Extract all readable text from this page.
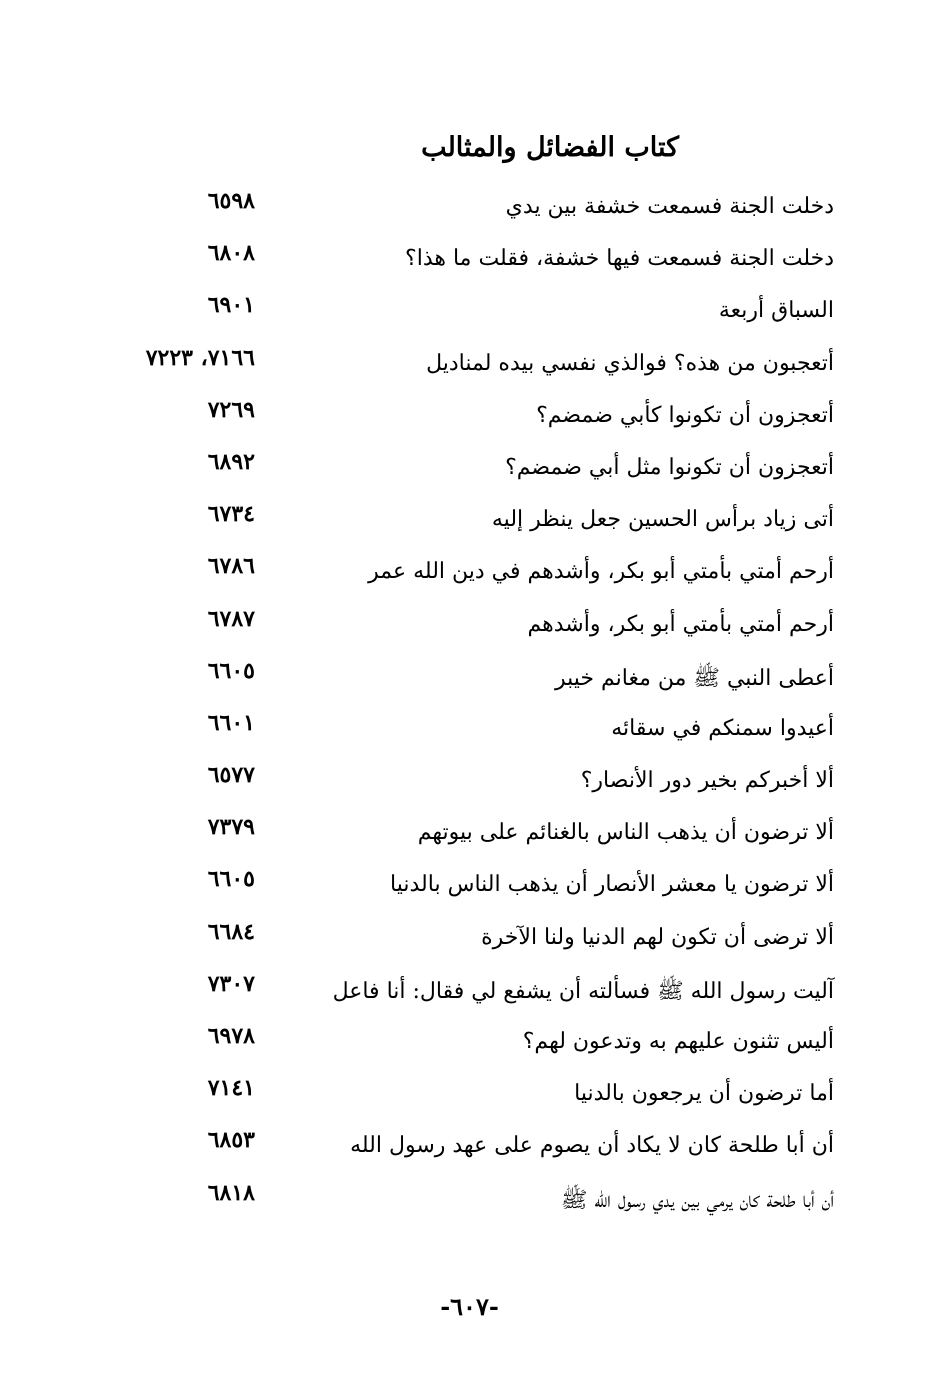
كتاب الفضائل والمثالب
دخلت الجنة فسمعت خشفة بين يدي
٦٥٩٨
دخلت الجنة فسمعت فيها خشفة، فقلت ما هذا؟
٦٨٠٨
السباق أربعة
٦٩٠١
أتعجبون من هذه؟ فوالذي نفسي بيده لمناديل
٧١٦٦، ٧٢٢٣
أتعجزون أن تكونوا كأبي ضمضم؟
٧٢٦٩
أتعجزون أن تكونوا مثل أبي ضمضم؟
٦٨٩٢
أتى زياد برأس الحسين جعل ينظر إليه
٦٧٣٤
أرحم أمتي بأمتي أبو بكر، وأشدهم في دين الله عمر
٦٧٨٦
أرحم أمتي بأمتي أبو بكر، وأشدهم
٦٧٨٧
أعطى النبي ﷺ من مغانم خيبر
٦٦٠٥
أعيدوا سمنكم في سقائه
٦٦٠١
ألا أخبركم بخير دور الأنصار؟
٦٥٧٧
ألا ترضون أن يذهب الناس بالغنائم على بيوتهم
٧٣٧٩
ألا ترضون يا معشر الأنصار أن يذهب الناس بالدنيا
٦٦٠٥
ألا ترضى أن تكون لهم الدنيا ولنا الآخرة
٦٦٨٤
آليت رسول الله ﷺ فسألته أن يشفع لي فقال: أنا فاعل
٧٣٠٧
أليس تثنون عليهم به وتدعون لهم؟
٦٩٧٨
أما ترضون أن يرجعون بالدنيا
٧١٤١
أن أبا طلحة كان لا يكاد أن يصوم على عهد رسول الله
٦٨٥٣
أن أبا طلحة كان يرمي بين يدي رسول الله ﷺ
٦٨١٨
-٦٠٧-
